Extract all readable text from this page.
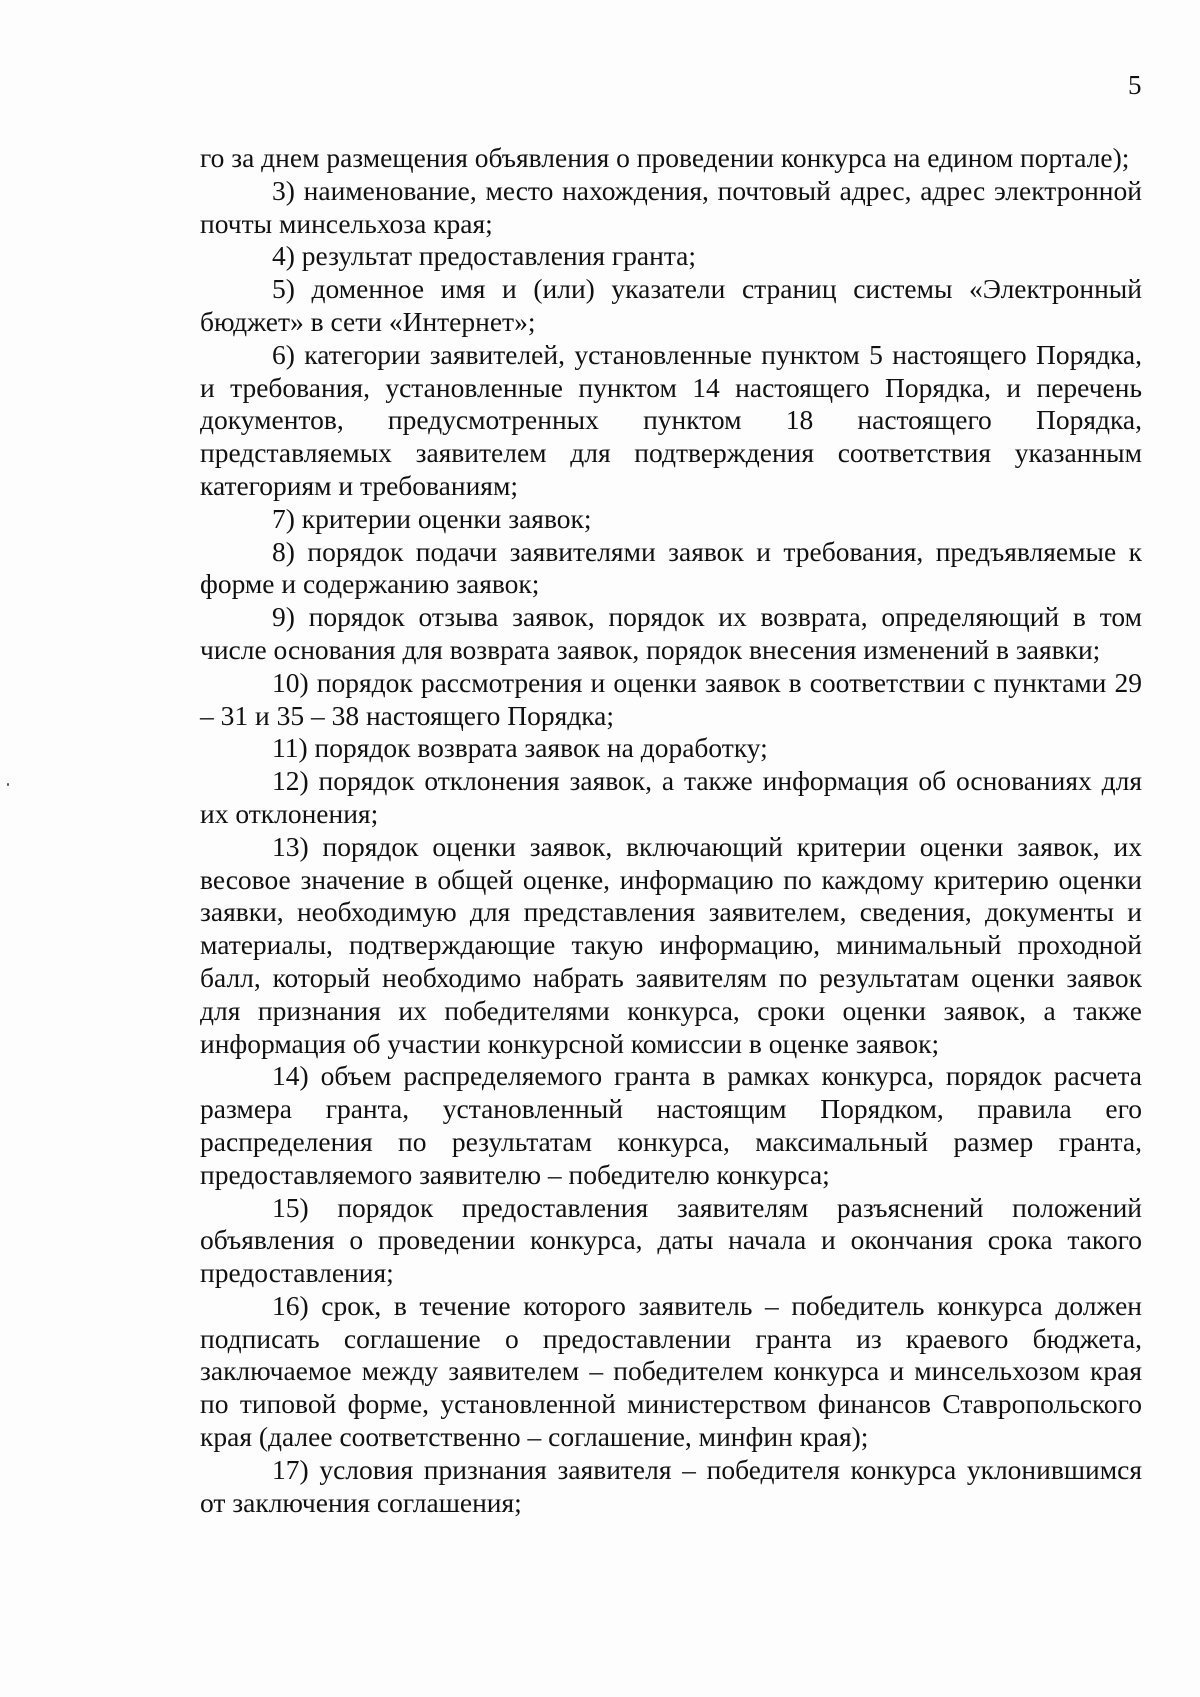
5

го за днем размещения объявления о проведении конкурса на едином портале);

3) наименование, место нахождения, почтовый адрес, адрес электронной почты минсельхоза края;

4) результат предоставления гранта;

5) доменное имя и (или) указатели страниц системы «Электронный бюджет» в сети «Интернет»;

6) категории заявителей, установленные пунктом 5 настоящего Порядка, и требования, установленные пунктом 14 настоящего Порядка, и перечень документов, предусмотренных пунктом 18 настоящего Порядка, представляемых заявителем для подтверждения соответствия указанным категориям и требованиям;

7) критерии оценки заявок;

8) порядок подачи заявителями заявок и требования, предъявляемые к форме и содержанию заявок;

9) порядок отзыва заявок, порядок их возврата, определяющий в том числе основания для возврата заявок, порядок внесения изменений в заявки;

10) порядок рассмотрения и оценки заявок в соответствии с пунктами 29 – 31 и 35 – 38 настоящего Порядка;

11) порядок возврата заявок на доработку;

12) порядок отклонения заявок, а также информация об основаниях для их отклонения;

13) порядок оценки заявок, включающий критерии оценки заявок, их весовое значение в общей оценке, информацию по каждому критерию оценки заявки, необходимую для представления заявителем, сведения, документы и материалы, подтверждающие такую информацию, минимальный проходной балл, который необходимо набрать заявителям по результатам оценки заявок для признания их победителями конкурса, сроки оценки заявок, а также информация об участии конкурсной комиссии в оценке заявок;

14) объем распределяемого гранта в рамках конкурса, порядок расчета размера гранта, установленный настоящим Порядком, правила его распределения по результатам конкурса, максимальный размер гранта, предоставляемого заявителю – победителю конкурса;

15) порядок предоставления заявителям разъяснений положений объявления о проведении конкурса, даты начала и окончания срока такого предоставления;

16) срок, в течение которого заявитель – победитель конкурса должен подписать соглашение о предоставлении гранта из краевого бюджета, заключаемое между заявителем – победителем конкурса и минсельхозом края по типовой форме, установленной министерством финансов Ставропольского края (далее соответственно – соглашение, минфин края);

17) условия признания заявителя – победителя конкурса уклонившимся от заключения соглашения;
